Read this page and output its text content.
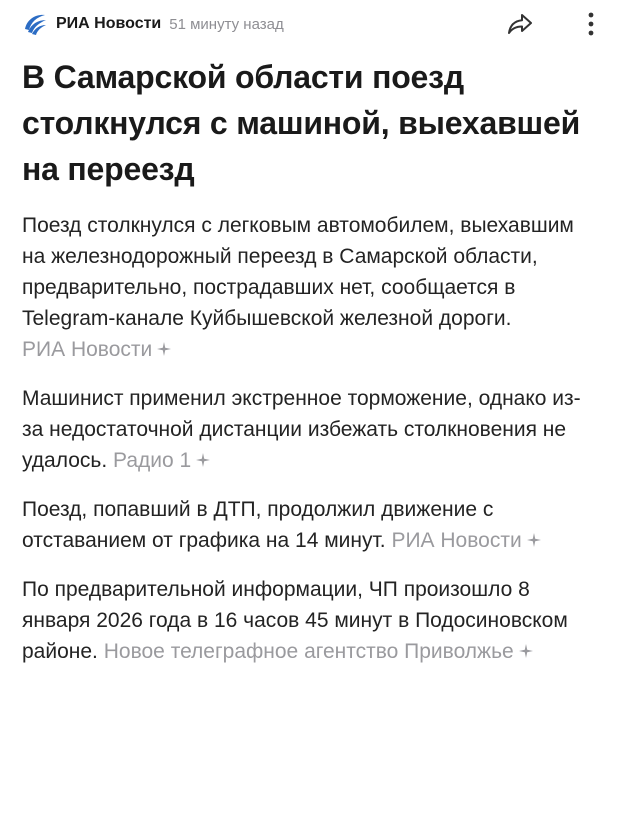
РИА Новости 51 минуту назад
В Самарской области поезд столкнулся с машиной, выехавшей на переезд

Поезд столкнулся с легковым автомобилем, выехавшим на железнодорожный переезд в Самарской области, предварительно, пострадавших нет, сообщается в Telegram-канале Куйбышевской железной дороги. РИА Новости

Машинист применил экстренное торможение, однако из-за недостаточной дистанции избежать столкновения не удалось. Радио 1

Поезд, попавший в ДТП, продолжил движение с отставанием от графика на 14 минут. РИА Новости

По предварительной информации, ЧП произошло 8 января 2026 года в 16 часов 45 минут в Подосиновском районе. Новое телеграфное агентство Приволжье
